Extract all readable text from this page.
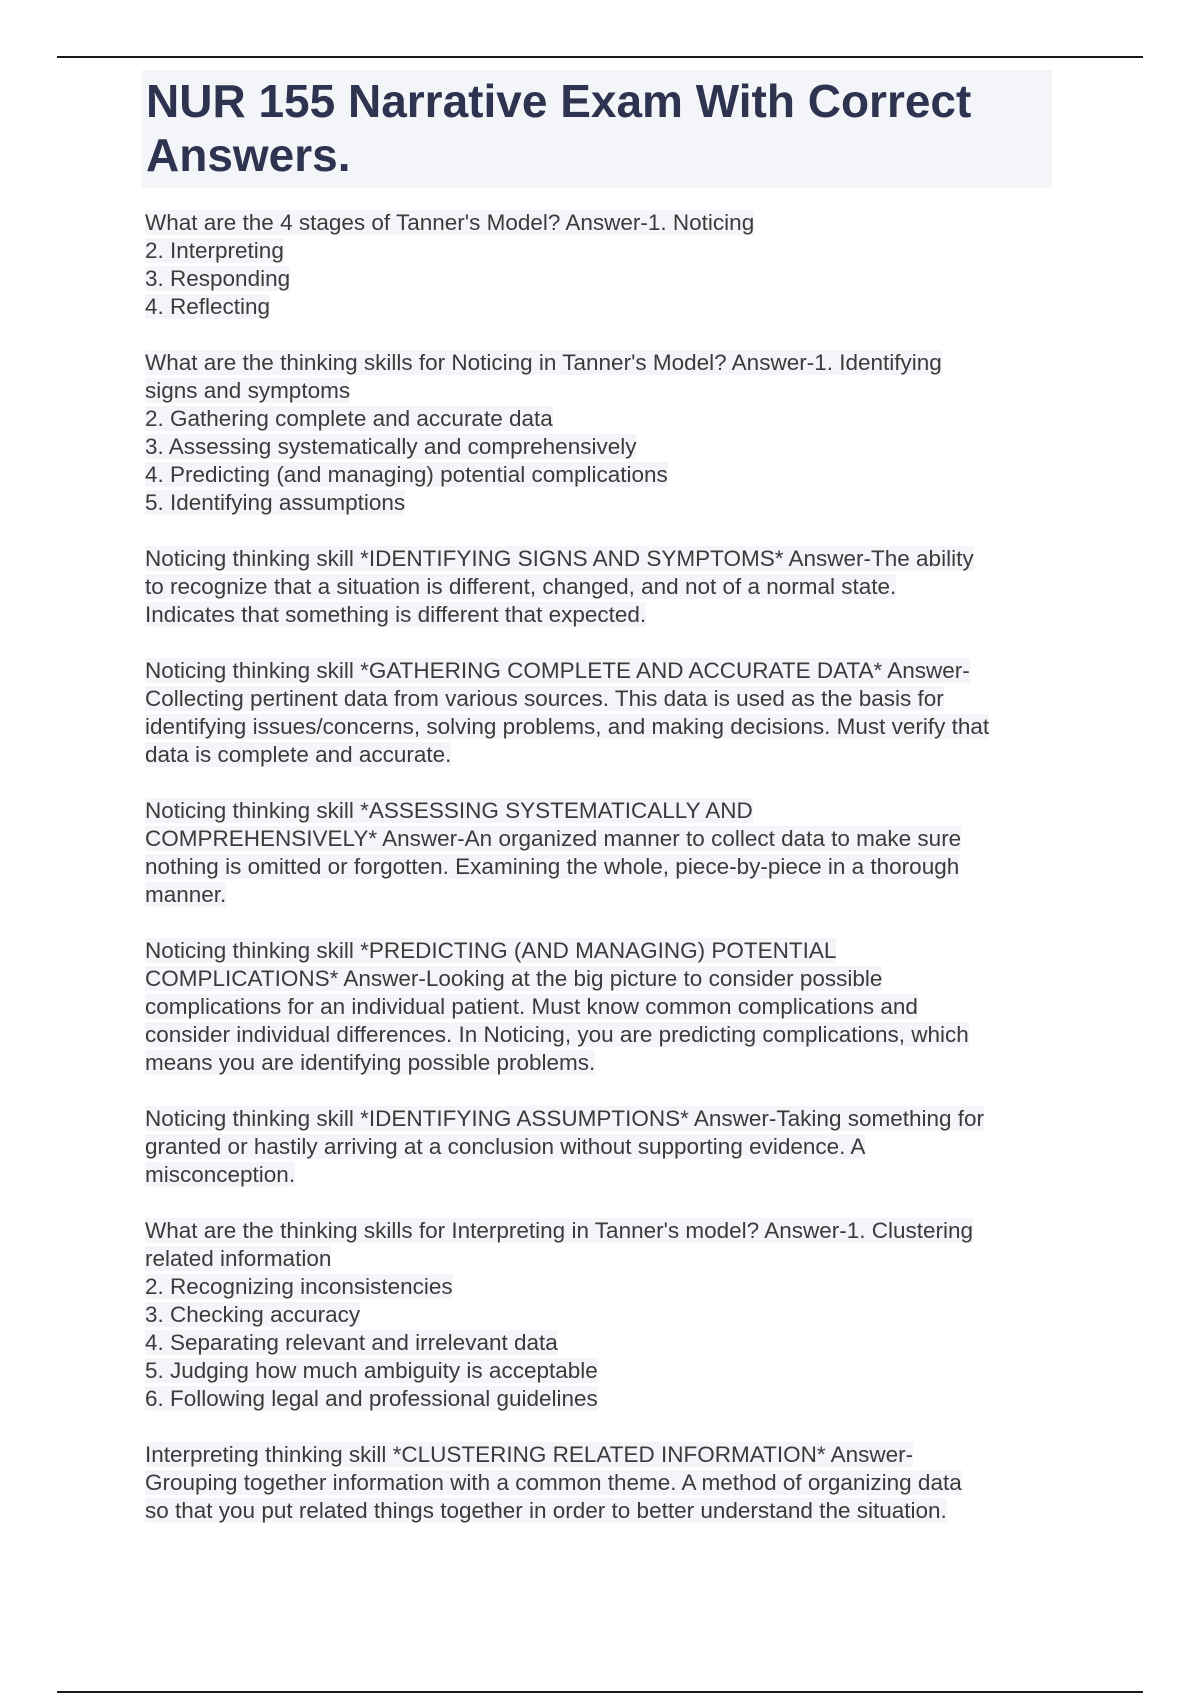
NUR 155 Narrative Exam With Correct Answers.
What are the 4 stages of Tanner's Model? Answer-1. Noticing
2. Interpreting
3. Responding
4. Reflecting
What are the thinking skills for Noticing in Tanner's Model? Answer-1. Identifying
signs and symptoms
2. Gathering complete and accurate data
3. Assessing systematically and comprehensively
4. Predicting (and managing) potential complications
5. Identifying assumptions
Noticing thinking skill *IDENTIFYING SIGNS AND SYMPTOMS* Answer-The ability
to recognize that a situation is different, changed, and not of a normal state.
Indicates that something is different that expected.
Noticing thinking skill *GATHERING COMPLETE AND ACCURATE DATA* Answer-
Collecting pertinent data from various sources. This data is used as the basis for
identifying issues/concerns, solving problems, and making decisions. Must verify that
data is complete and accurate.
Noticing thinking skill *ASSESSING SYSTEMATICALLY AND
COMPREHENSIVELY* Answer-An organized manner to collect data to make sure
nothing is omitted or forgotten. Examining the whole, piece-by-piece in a thorough
manner.
Noticing thinking skill *PREDICTING (AND MANAGING) POTENTIAL
COMPLICATIONS* Answer-Looking at the big picture to consider possible
complications for an individual patient. Must know common complications and
consider individual differences. In Noticing, you are predicting complications, which
means you are identifying possible problems.
Noticing thinking skill *IDENTIFYING ASSUMPTIONS* Answer-Taking something for
granted or hastily arriving at a conclusion without supporting evidence. A
misconception.
What are the thinking skills for Interpreting in Tanner's model? Answer-1. Clustering
related information
2. Recognizing inconsistencies
3. Checking accuracy
4. Separating relevant and irrelevant data
5. Judging how much ambiguity is acceptable
6. Following legal and professional guidelines
Interpreting thinking skill *CLUSTERING RELATED INFORMATION* Answer-
Grouping together information with a common theme. A method of organizing data
so that you put related things together in order to better understand the situation.
